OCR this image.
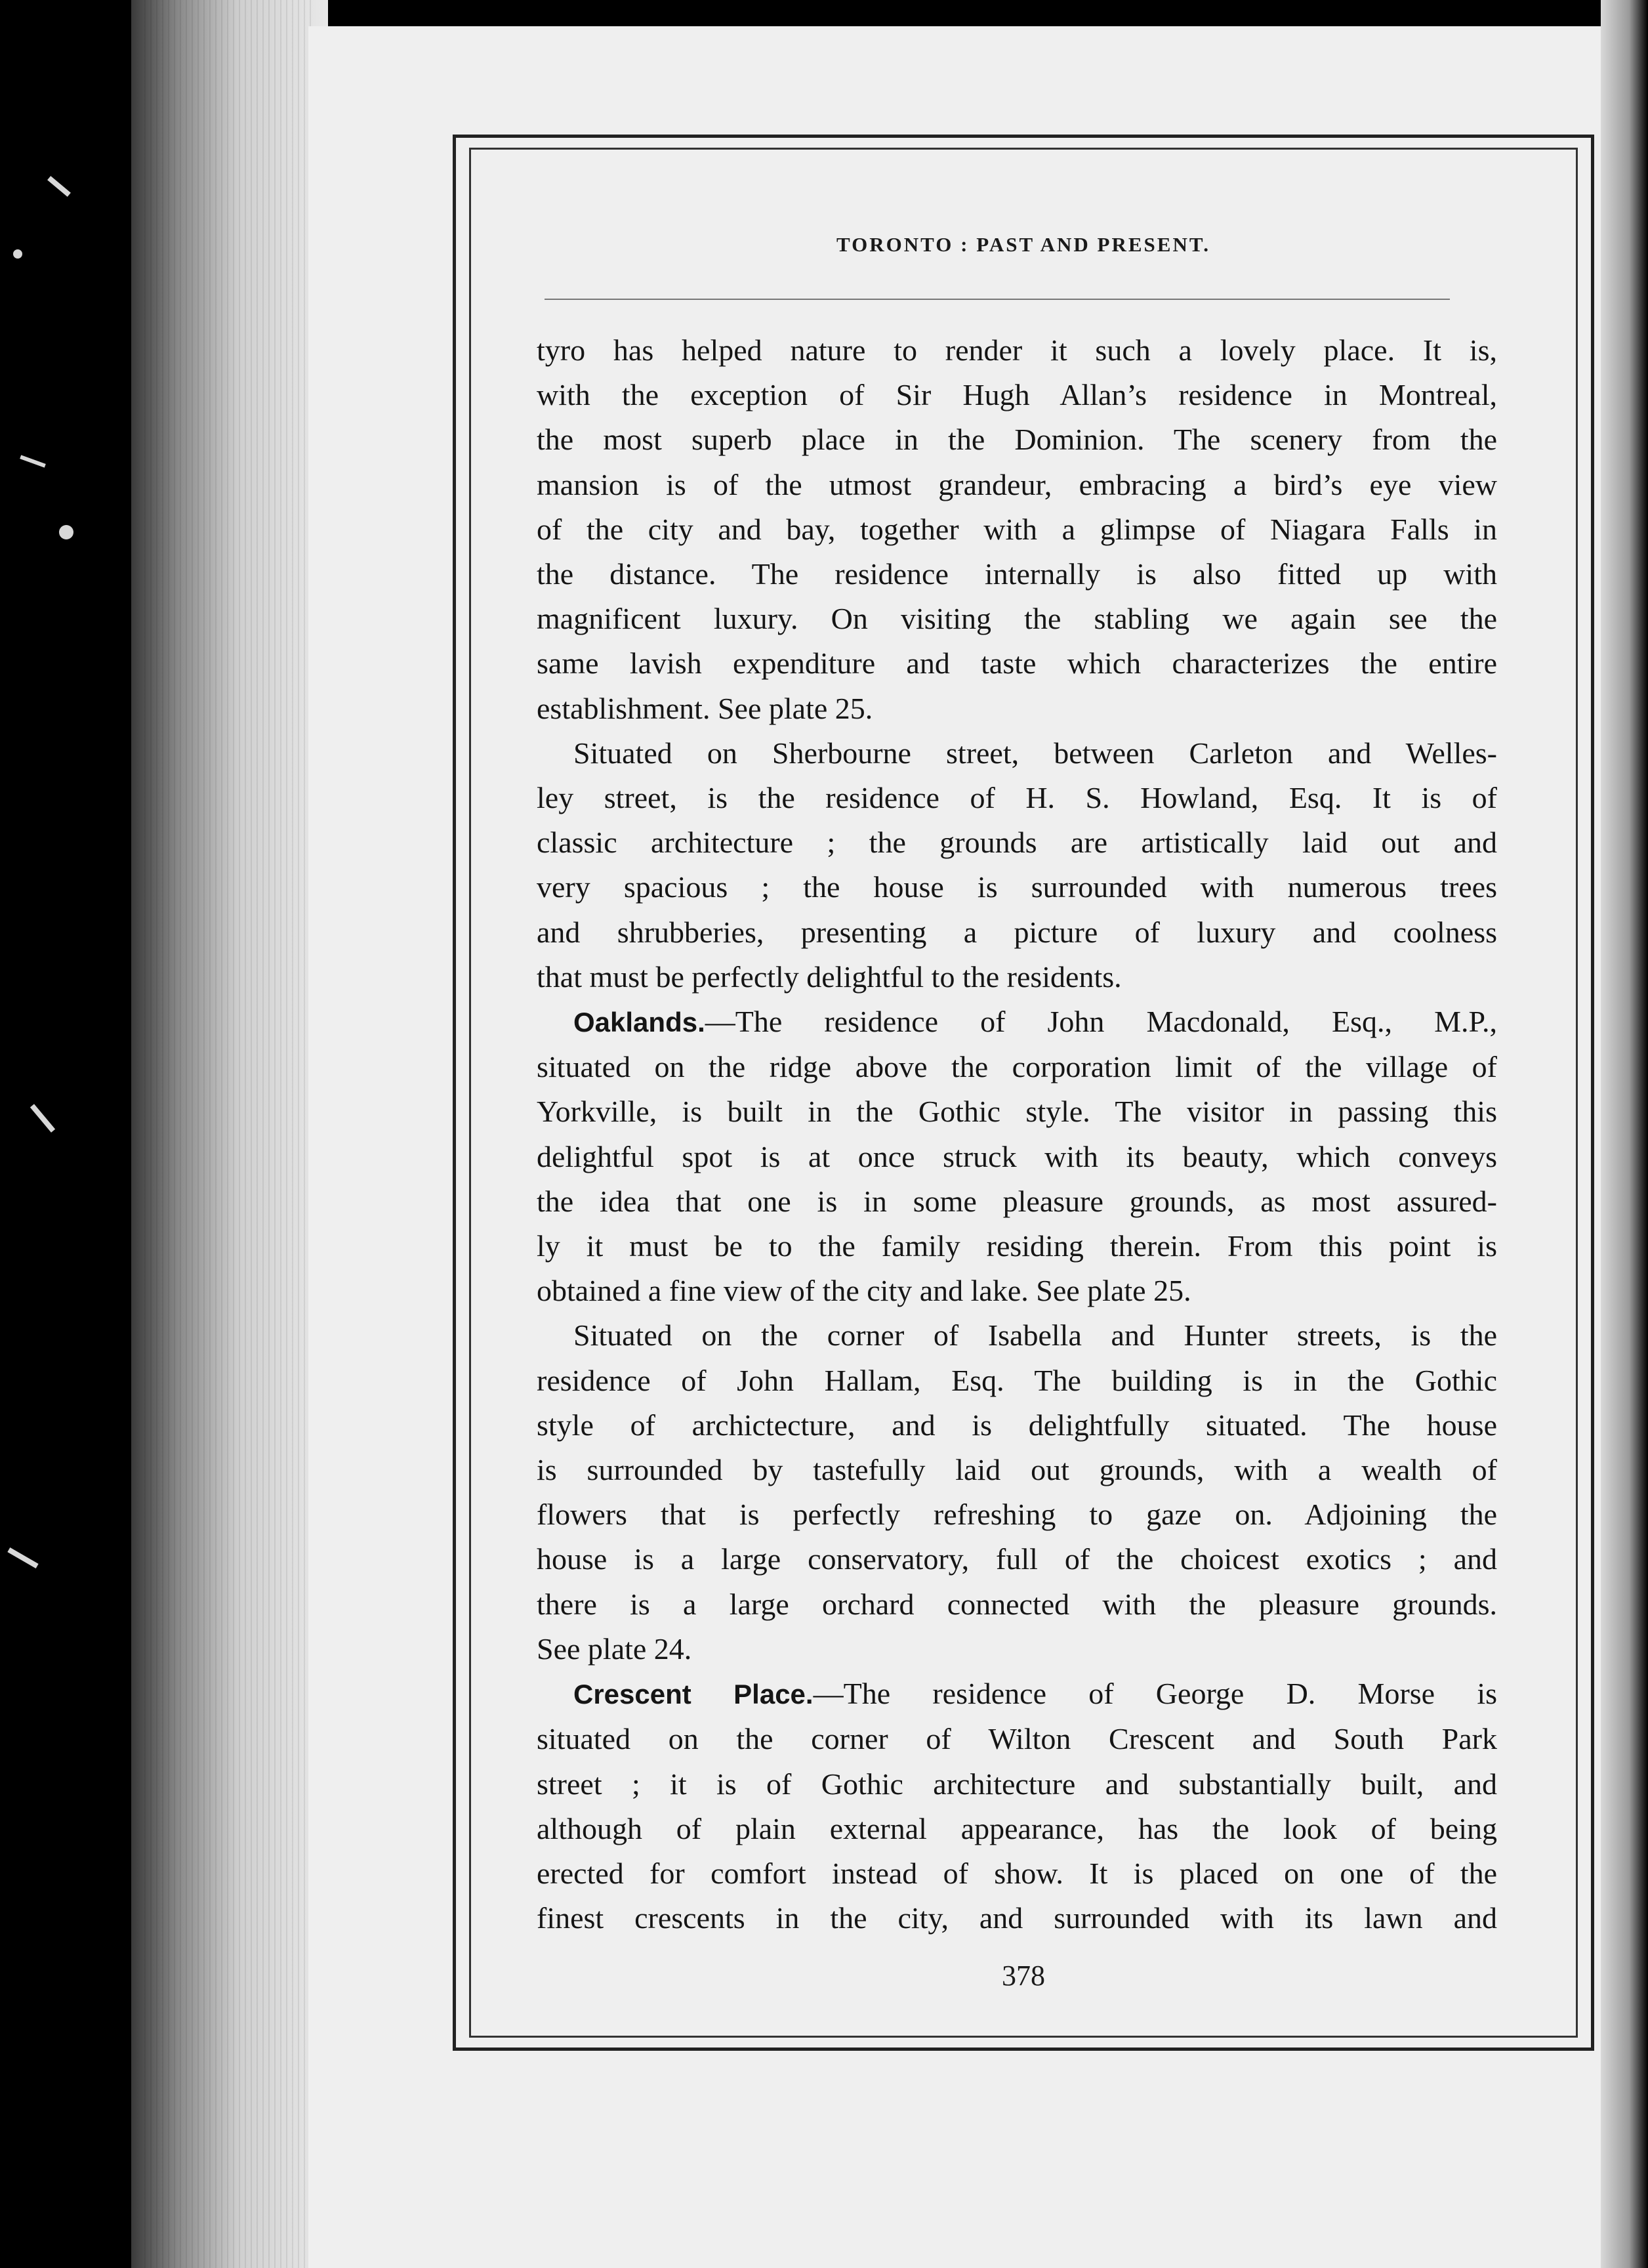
TORONTO : PAST AND PRESENT.
tyro has helped nature to render it such a lovely place. It is,
with the exception of Sir Hugh Allan’s residence in Montreal,
the most superb place in the Dominion. The scenery from the
mansion is of the utmost grandeur, embracing a bird’s eye view
of the city and bay, together with a glimpse of Niagara Falls in
the distance. The residence internally is also fitted up with
magnificent luxury. On visiting the stabling we again see the
same lavish expenditure and taste which characterizes the entire
establishment. See plate 25.
Situated on Sherbourne street, between Carleton and Welles-
ley street, is the residence of H. S. Howland, Esq. It is of
classic architecture ; the grounds are artistically laid out and
very spacious ; the house is surrounded with numerous trees
and shrubberies, presenting a picture of luxury and coolness
that must be perfectly delightful to the residents.
Oaklands.—The residence of John Macdonald, Esq., M.P.,
situated on the ridge above the corporation limit of the village of
Yorkville, is built in the Gothic style. The visitor in passing this
delightful spot is at once struck with its beauty, which conveys
the idea that one is in some pleasure grounds, as most assured-
ly it must be to the family residing therein. From this point is
obtained a fine view of the city and lake. See plate 25.
Situated on the corner of Isabella and Hunter streets, is the
residence of John Hallam, Esq. The building is in the Gothic
style of archictecture, and is delightfully situated. The house
is surrounded by tastefully laid out grounds, with a wealth of
flowers that is perfectly refreshing to gaze on. Adjoining the
house is a large conservatory, full of the choicest exotics ; and
there is a large orchard connected with the pleasure grounds.
See plate 24.
Crescent Place.—The residence of George D. Morse is
situated on the corner of Wilton Crescent and South Park
street ; it is of Gothic architecture and substantially built, and
although of plain external appearance, has the look of being
erected for comfort instead of show. It is placed on one of the
finest crescents in the city, and surrounded with its lawn and
378
